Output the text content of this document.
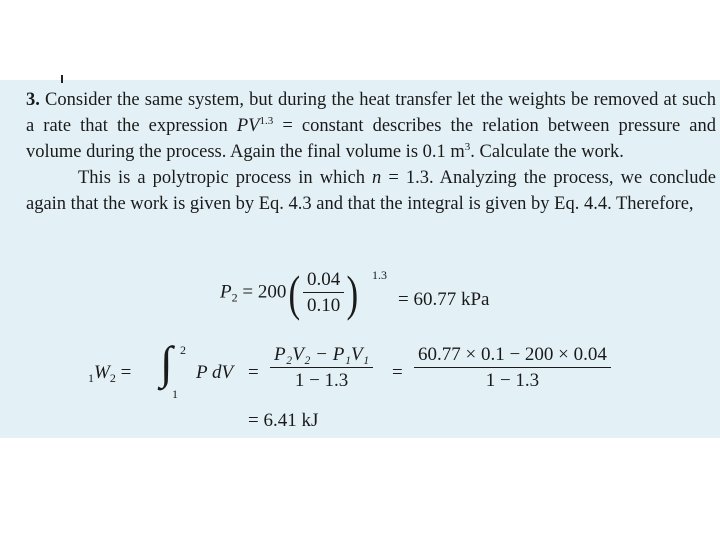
3. Consider the same system, but during the heat transfer let the weights be removed at such a rate that the expression $PV^{1.3}$ = constant describes the relation between pressure and volume during the process. Again the final volume is 0.1 $m^3$. Calculate the work.

This is a polytropic process in which n = 1.3. Analyzing the process, we conclude again that the work is given by Eq. 4.3 and that the integral is given by Eq. 4.4. Therefore,

$P_2 = 200( \frac{0.04}{0.10}$ ) 1.3
= 60.77 kPa
$_1W_2$ = ∫ 2
1
P dV = $\frac{\text{P₂V₂ − P₁V₁}}{1 - 1.3} = \frac{60.77 \times 0.1 - 200 \times 0.04}{1 - 1.3}$
= 6.41 kJ
